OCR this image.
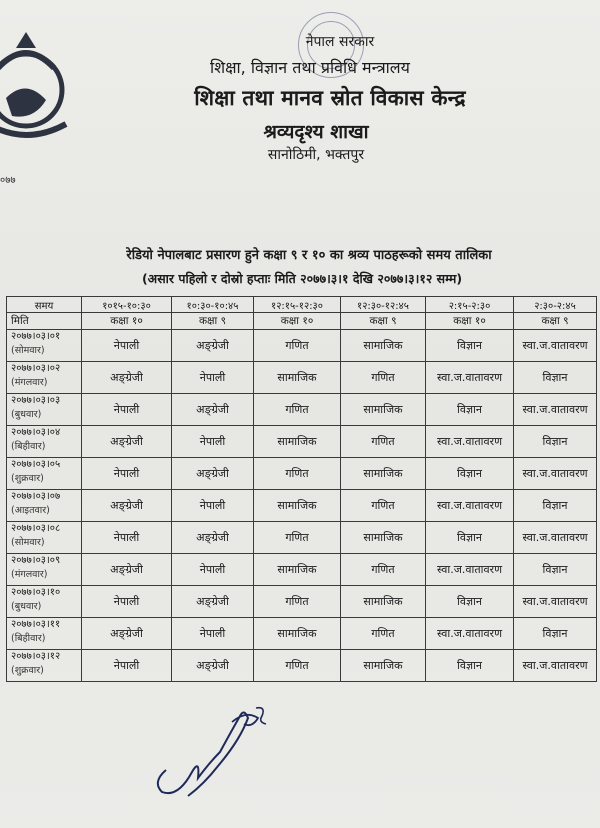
नेपाल सरकार
शिक्षा, विज्ञान तथा प्रविधि मन्त्रालय
शिक्षा तथा मानव स्रोत विकास केन्द्र
श्रव्यदृश्य शाखा
सानोठिमी, भक्तपुर
०७७
रेडियो नेपालबाट प्रसारण हुने कक्षा ९ र १० का श्रव्य पाठहरूको समय तालिका
(असार पहिलो र दोस्रो हप्ताः मिति २०७७।३।१ देखि २०७७।३।१२ सम्म)
समय	१०१५-१०:३०	१०:३०-१०:४५	१२:१५-१२:३०	१२:३०-१२:४५	२:१५-२:३०	२:३०-२:४५
मिति	कक्षा १०	कक्षा ९	कक्षा १०	कक्षा ९	कक्षा १०	कक्षा ९
२०७७।०३।०१
(सोमवार)	नेपाली	अङ्ग्रेजी	गणित	सामाजिक	विज्ञान	स्वा.ज.वातावरण
२०७७।०३।०२
(मंगलवार)	अङ्ग्रेजी	नेपाली	सामाजिक	गणित	स्वा.ज.वातावरण	विज्ञान
२०७७।०३।०३
(बुधवार)	नेपाली	अङ्ग्रेजी	गणित	सामाजिक	विज्ञान	स्वा.ज.वातावरण
२०७७।०३।०४
(बिहीवार)	अङ्ग्रेजी	नेपाली	सामाजिक	गणित	स्वा.ज.वातावरण	विज्ञान
२०७७।०३।०५
(शुक्रवार)	नेपाली	अङ्ग्रेजी	गणित	सामाजिक	विज्ञान	स्वा.ज.वातावरण
२०७७।०३।०७
(आइतवार)	अङ्ग्रेजी	नेपाली	सामाजिक	गणित	स्वा.ज.वातावरण	विज्ञान
२०७७।०३।०८
(सोमवार)	नेपाली	अङ्ग्रेजी	गणित	सामाजिक	विज्ञान	स्वा.ज.वातावरण
२०७७।०३।०९
(मंगलवार)	अङ्ग्रेजी	नेपाली	सामाजिक	गणित	स्वा.ज.वातावरण	विज्ञान
२०७७।०३।१०
(बुधवार)	नेपाली	अङ्ग्रेजी	गणित	सामाजिक	विज्ञान	स्वा.ज.वातावरण
२०७७।०३।११
(बिहीवार)	अङ्ग्रेजी	नेपाली	सामाजिक	गणित	स्वा.ज.वातावरण	विज्ञान
२०७७।०३।१२
(शुक्रवार)	नेपाली	अङ्ग्रेजी	गणित	सामाजिक	विज्ञान	स्वा.ज.वातावरण
